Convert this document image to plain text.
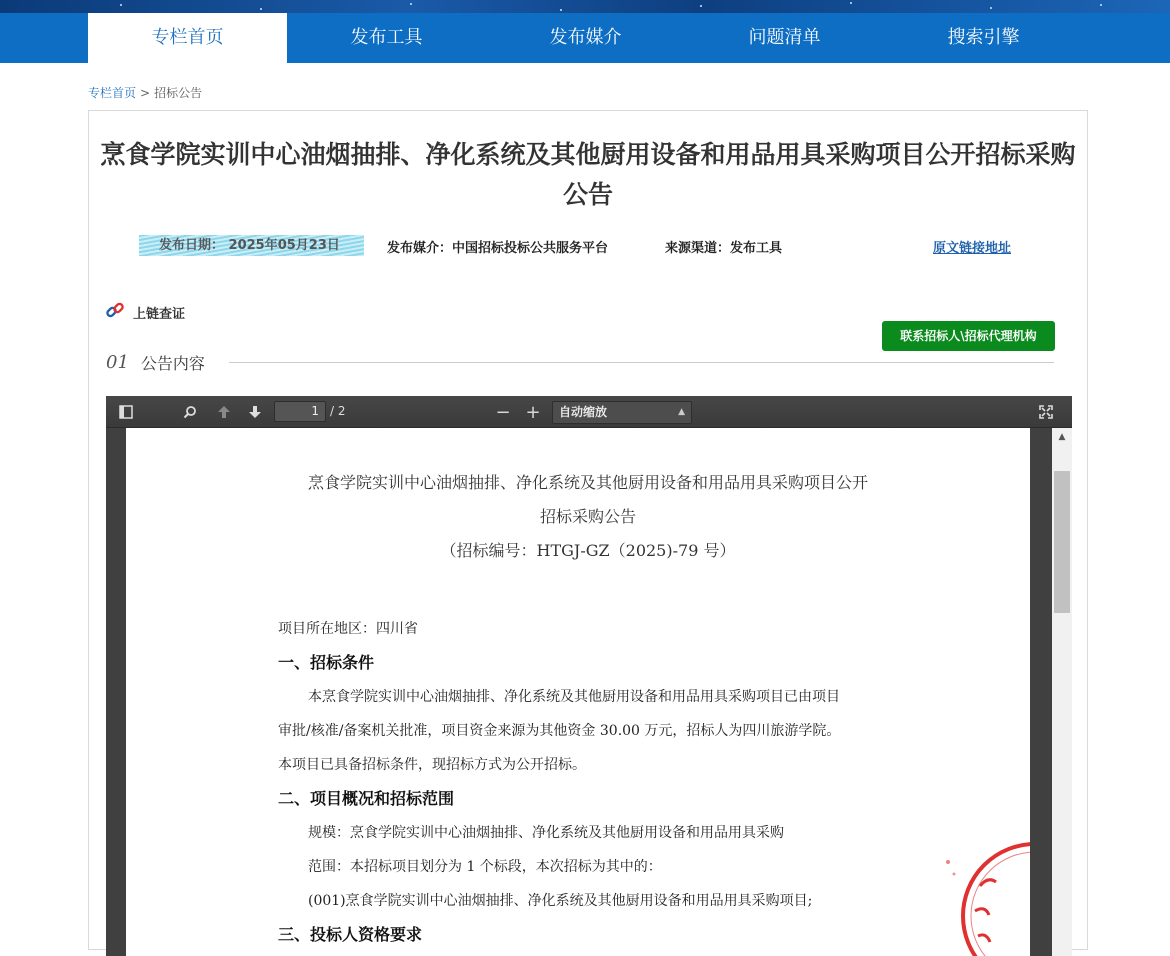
专栏首页	发布工具	发布媒介	问题清单	搜索引擎
专栏首页 > 招标公告
烹食学院实训中心油烟抽排、净化系统及其他厨用设备和用品用具采购项目公开招标采购公告
发布日期： 2025年05月23日	发布媒介：中国招标投标公共服务平台	来源渠道：发布工具	原文链接地址
上链查证
联系招标人\招标代理机构
01 公告内容
1 / 2	− +	自动缩放	▲

烹食学院实训中心油烟抽排、净化系统及其他厨用设备和用品用具采购项目公开
招标采购公告
（招标编号：HTGJ-GZ（2025)-79 号）

项目所在地区：四川省

一、招标条件

本烹食学院实训中心油烟抽排、净化系统及其他厨用设备和用品用具采购项目已由项目

审批/核准/备案机关批准，项目资金来源为其他资金 30.00 万元，招标人为四川旅游学院。

本项目已具备招标条件，现招标方式为公开招标。

二、项目概况和招标范围

规模：烹食学院实训中心油烟抽排、净化系统及其他厨用设备和用品用具采购

范围：本招标项目划分为 1 个标段，本次招标为其中的：

(001)烹食学院实训中心油烟抽排、净化系统及其他厨用设备和用品用具采购项目;

三、投标人资格要求
▲
